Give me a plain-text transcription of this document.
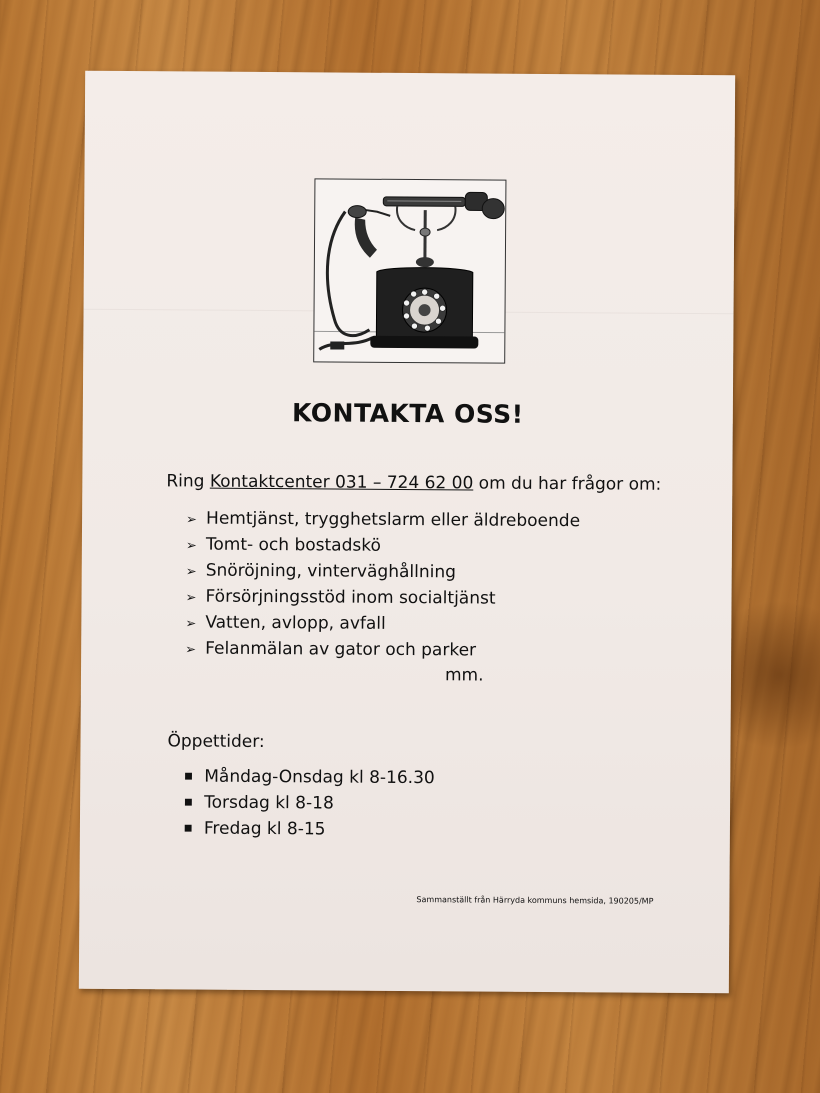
KONTAKTA OSS!
Ring Kontaktcenter 031 – 724 62 00 om du har frågor om:
➢ Hemtjänst, trygghetslarm eller äldreboende
➢ Tomt- och bostadskö
➢ Snöröjning, vinterväghållning
➢ Försörjningsstöd inom socialtjänst
➢ Vatten, avlopp, avfall
➢ Felanmälan av gator och parker
mm.
Öppettider:
■ Måndag-Onsdag kl 8-16.30
■ Torsdag kl 8-18
■ Fredag kl 8-15
Sammanställt från Härryda kommuns hemsida, 190205/MP
